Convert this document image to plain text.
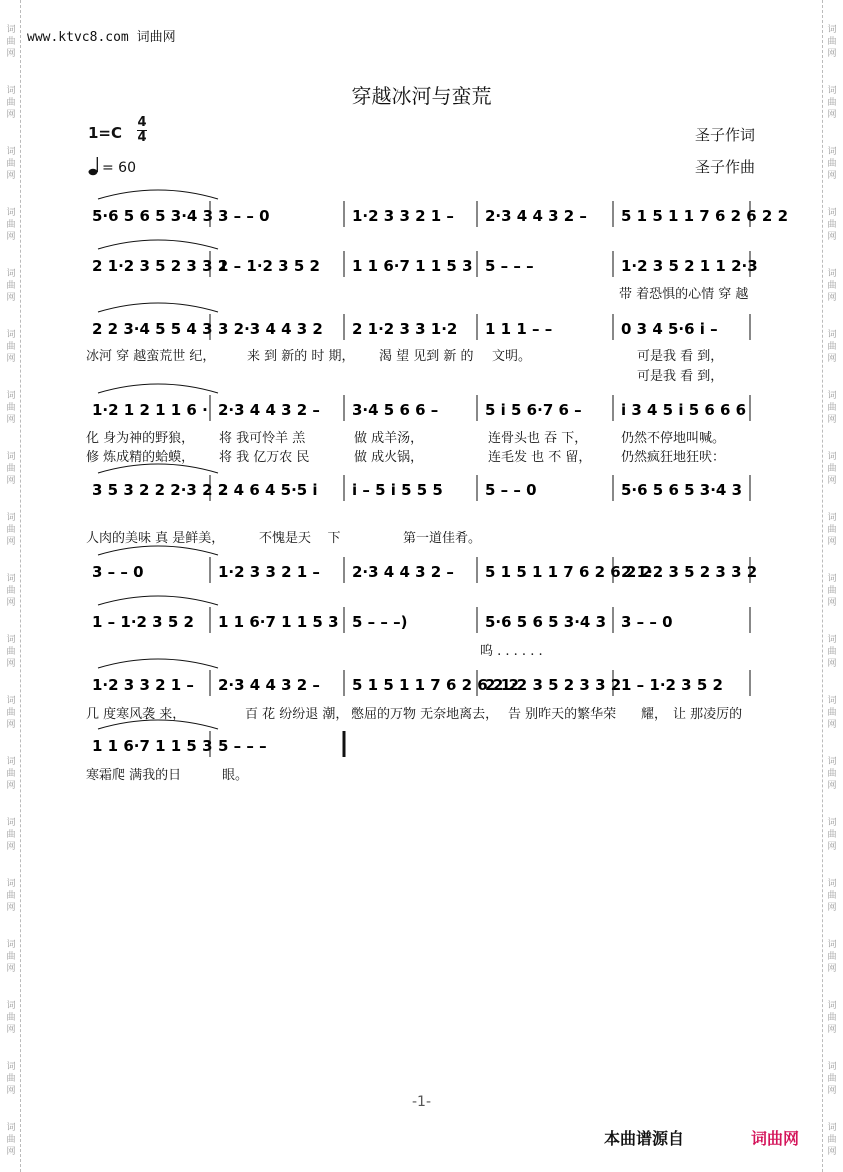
词
曲
网
词
曲
网
词
曲
网
词
曲
网
词
曲
网
词
曲
网
词
曲
网
词
曲
网
词
曲
网
词
曲
网
词
曲
网
词
曲
网
词
曲
网
词
曲
网
词
曲
网
词
曲
网
词
曲
网
词
曲
网
词
曲
网
词
曲
网
词
曲
网
词
曲
网
词
曲
网
词
曲
网
词
曲
网
词
曲
网
词
曲
网
词
曲
网
词
曲
网
词
曲
网
词
曲
网
词
曲
网
词
曲
网
词
曲
网
词
曲
网
词
曲
网
词
曲
网
词
曲
网
www.ktvc8.com 词曲网
穿越冰河与蛮荒
1=C
4
4
= 60
圣子作词
圣子作曲
5·6 5 6 5 3·4 3 3 – – 0	1·2 3 3 2 1 – 2·3 4 4 3 2 – 5 1 5 1 1 7 6 2 6 2 2
2 1·2 3 5 2 3 3 2
1 – 1·2 3 5 2 1 1 6·7 1 1 5 3 5 – – –	1·2 3 5 2 1 1 2·3
2 2 3·4 5 5 4 3 3 2·3 4 4 3 2 2 1·2 3 3 1·2 1 1 1 – –	0 3 4 5·6 i –
1·2 1 2 1 1 6 · 2·3 4 4 3 2 – 3·4 5 6 6 –	5 i 5 6·7 6 –	i 3 4 5 i 5 6 6 6
3 5 3 2 2 2·3 2 2
2 4 6 4 5·5 i i – 5 i 5 5 5	5 – – 0	5·6 5 6 5 3·4 3
3 – – 0	1·2 3 3 2 1 – 2·3 4 4 3 2 – 5 1 5 1 1 7 6 2 6 2 2
2 1·2 3 5 2 3 3 2
1 – 1·2 3 5 2 1 1 6·7 1 1 5 3 5 – – –)	5·6 5 6 5 3·4 3 3 – – 0
1·2 3 3 2 1 – 2·3 4 4 3 2 – 5 1 5 1 1 7 6 2 6 2 2
2 1·2 3 5 2 3 3 2 1 – 1·2 3 5 2
1 1 6·7 1 1 5 3 5 – – –
带 着恐惧的心情 穿 越
冰河 穿 越蛮荒世 纪， 来 到 新的 时 期， 渴 望 见到 新 的 文明。	可是我 看 到，
可是我 看 到，
化 身为神的野狼， 将 我可怜羊 羔	做 成羊汤，	连骨头也 吞 下，	仍然不停地叫喊。
修 炼成精的蛤蟆， 将 我 亿万农 民	做 成火锅，	连毛发 也 不 留， 仍然疯狂地狂吠：
人肉的美味 真 是鲜美，	不愧是天    下	第一道佳肴。
呜 . . . . . .
几 度寒风袭 来，	百 花 纷纷退 潮， 憋屈的万物 无奈地离去， 告 别昨天的繁华荣 耀， 让 那凌厉的
寒霜爬 满我的日	眼。
-1-
本曲谱源自	词曲网
